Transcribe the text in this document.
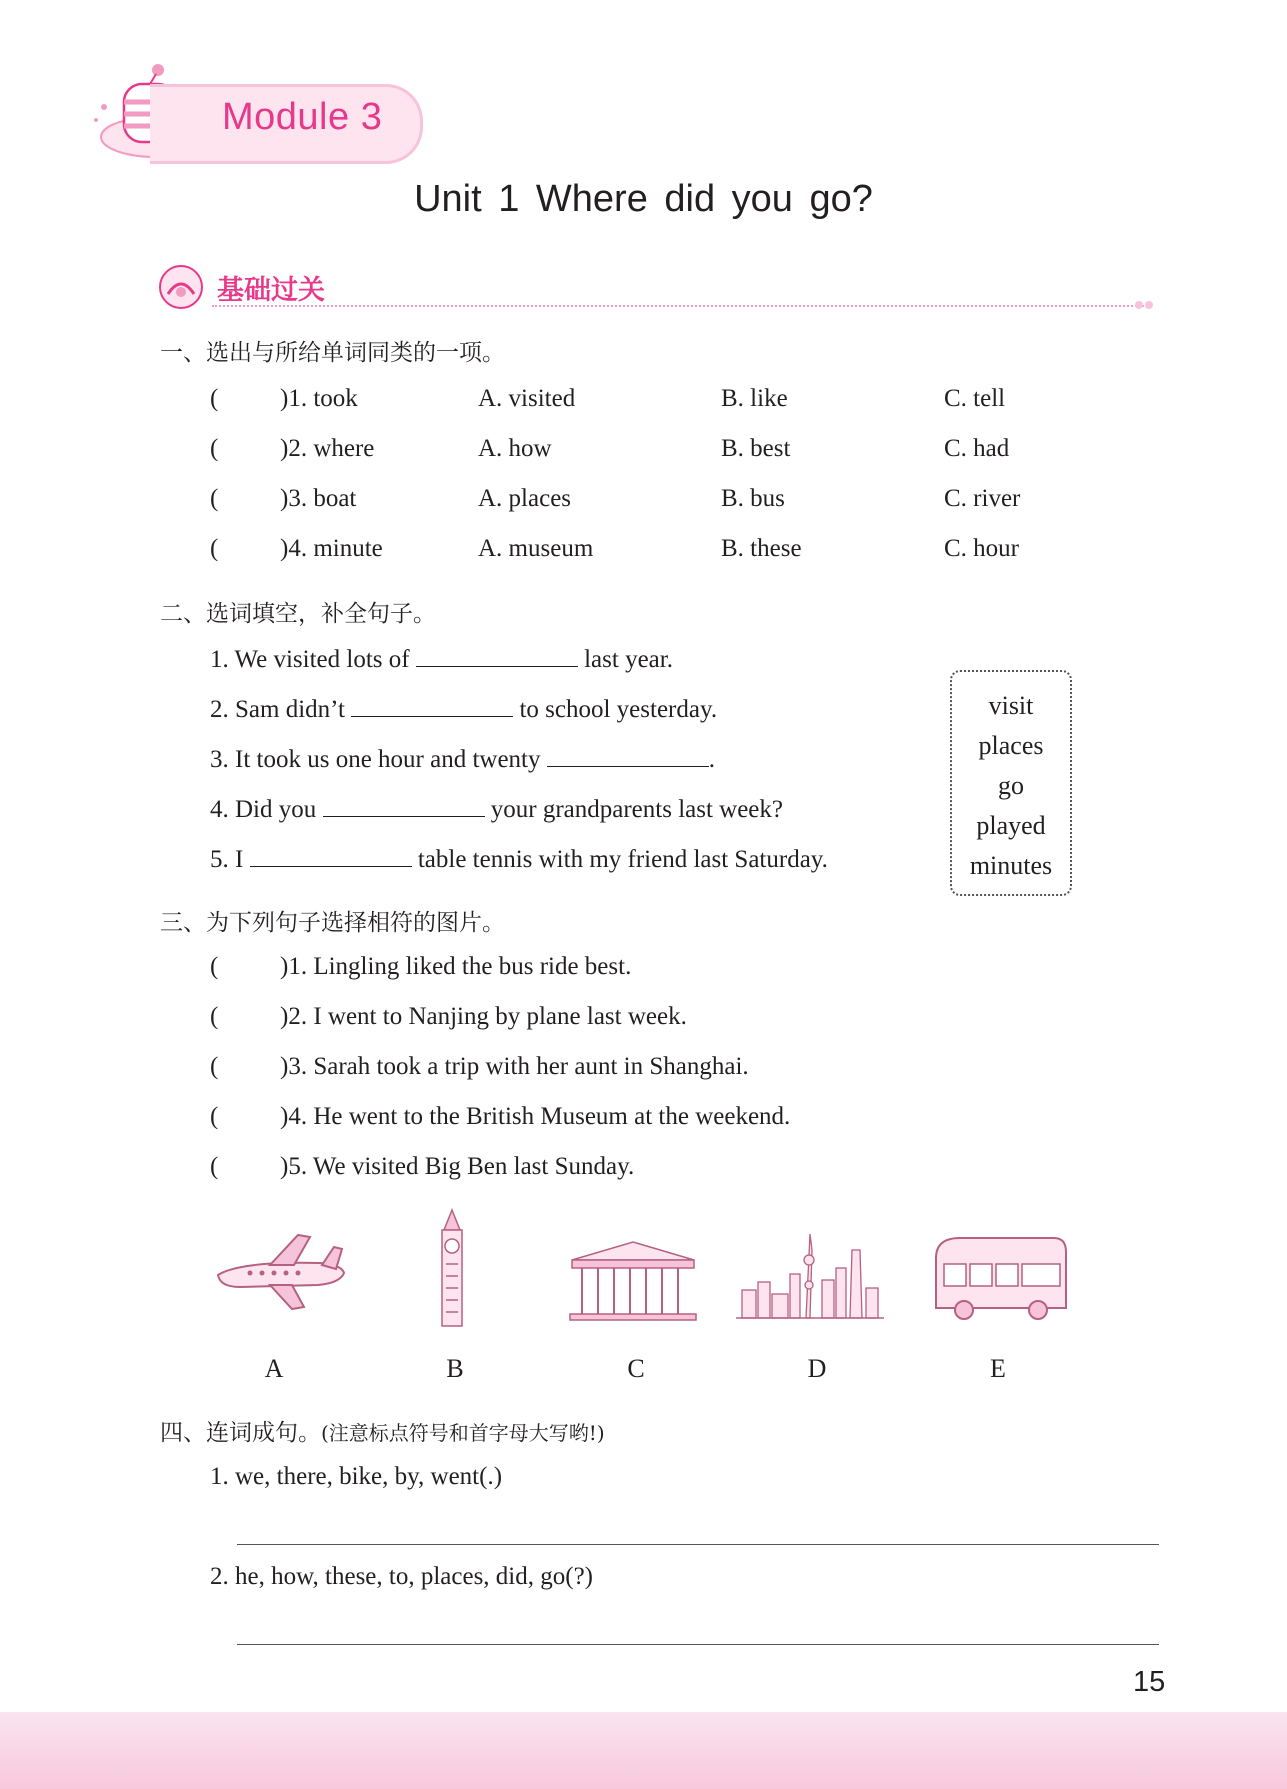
Module 3
Unit 1 Where did you go?
基础过关
一、选出与所给单词同类的一项。
( )1. took	A. visited	B. like	C. tell
( )2. where	A. how	B. best	C. had
( )3. boat	A. places	B. bus	C. river
( )4. minute	A. museum	B. these	C. hour
二、选词填空，补全句子。
1. We visited lots of	last year.
2. Sam didn’t	to school yesterday.
3. It took us one hour and twenty	.
4. Did you	your grandparents last week?
5. I	table tennis with my friend last Saturday.
visit
places
go
played
minutes
三、为下列句子选择相符的图片。
( )1. Lingling liked the bus ride best.
( )2. I went to Nanjing by plane last week.
( )3. Sarah took a trip with her aunt in Shanghai.
( )4. He went to the British Museum at the weekend.
( )5. We visited Big Ben last Sunday.
A	B	C	D	E
四、连词成句。(注意标点符号和首字母大写哟!)
1. we, there, bike, by, went(.)
2. he, how, these, to, places, did, go(?)
15
